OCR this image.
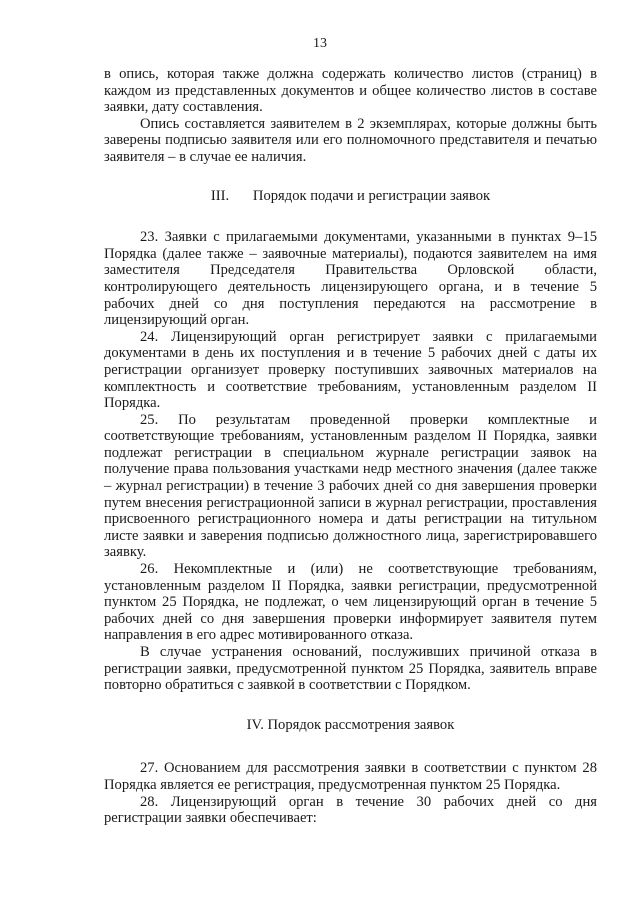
13

в опись, которая также должна содержать количество листов (страниц) в каждом из представленных документов и общее количество листов в составе заявки, дату составления.

Опись составляется заявителем в 2 экземплярах, которые должны быть заверены подписью заявителя или его полномочного представителя и печатью заявителя – в случае ее наличия.

III. Порядок подачи и регистрации заявок

23. Заявки с прилагаемыми документами, указанными в пунктах 9–15 Порядка (далее также – заявочные материалы), подаются заявителем на имя заместителя Председателя Правительства Орловской области, контролирующего деятельность лицензирующего органа, и в течение 5 рабочих дней со дня поступления передаются на рассмотрение в лицензирующий орган.

24. Лицензирующий орган регистрирует заявки с прилагаемыми документами в день их поступления и в течение 5 рабочих дней с даты их регистрации организует проверку поступивших заявочных материалов на комплектность и соответствие требованиям, установленным разделом II Порядка.

25. По результатам проведенной проверки комплектные и соответствующие требованиям, установленным разделом II Порядка, заявки подлежат регистрации в специальном журнале регистрации заявок на получение права пользования участками недр местного значения (далее также – журнал регистрации) в течение 3 рабочих дней со дня завершения проверки путем внесения регистрационной записи в журнал регистрации, проставления присвоенного регистрационного номера и даты регистрации на титульном листе заявки и заверения подписью должностного лица, зарегистрировавшего заявку.

26. Некомплектные и (или) не соответствующие требованиям, установленным разделом II Порядка, заявки регистрации, предусмотренной пунктом 25 Порядка, не подлежат, о чем лицензирующий орган в течение 5 рабочих дней со дня завершения проверки информирует заявителя путем направления в его адрес мотивированного отказа.

В случае устранения оснований, послуживших причиной отказа в регистрации заявки, предусмотренной пунктом 25 Порядка, заявитель вправе повторно обратиться с заявкой в соответствии с Порядком.

IV. Порядок рассмотрения заявок

27. Основанием для рассмотрения заявки в соответствии с пунктом 28 Порядка является ее регистрация, предусмотренная пунктом 25 Порядка.

28. Лицензирующий орган в течение 30 рабочих дней со дня регистрации заявки обеспечивает:
